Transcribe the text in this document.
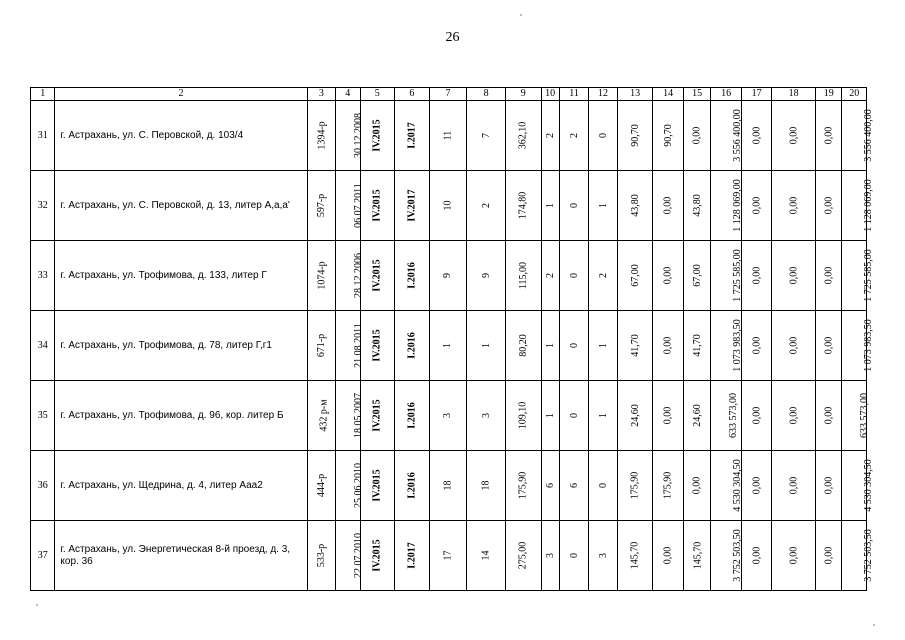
26
1	2	3	4	5	6	7	8	9	10	11	12	13	14	15	16	17	18	19	20
31	г. Астрахань, ул. С. Перовской, д. 103/4	1394-р	30.12.2008	IV.2015	I.2017	11	7	362,10	2	2	0	90,70	90,70	0,00	3 556 400,00	0,00	0,00	0,00	3 556 400,00
32	г. Астрахань, ул. С. Перовской, д. 13, литер А,а,а'	597-р	06.07.2011	IV.2015	IV.2017	10	2	174,80	1	0	1	43,80	0,00	43,80	1 128 069,00	0,00	0,00	0,00	1 128 069,00
33	г. Астрахань, ул. Трофимова, д. 133, литер Г	1074-р	28.12.2006	IV.2015	I.2016	9	9	115,00	2	0	2	67,00	0,00	67,00	1 725 585,00	0,00	0,00	0,00	1 725 585,00
34	г. Астрахань, ул. Трофимова, д. 78, литер Г,г1	671-р	21.08.2011	IV.2015	I.2016	1	1	80,20	1	0	1	41,70	0,00	41,70	1 073 983,50	0,00	0,00	0,00	1 073 983,50
35	г. Астрахань, ул. Трофимова, д. 96, кор. литер Б	432 р-м	18.05.2007	IV.2015	I.2016	3	3	109,10	1	0	1	24,60	0,00	24,60	633 573,00	0,00	0,00	0,00	633 573,00
36	г. Астрахань, ул. Щедрина, д. 4, литер Ааа2	444-р	25.06.2010	IV.2015	I.2016	18	18	175,90	6	6	0	175,90	175,90	0,00	4 530 304,50	0,00	0,00	0,00	4 530 304,50
37	г. Астрахань, ул. Энергетическая 8-й проезд, д. 3, кор. 36	533-р	22.07.2010	IV.2015	I.2017	17	14	275,00	3	0	3	145,70	0,00	145,70	3 752 503,50	0,00	0,00	0,00	3 752 503,50
